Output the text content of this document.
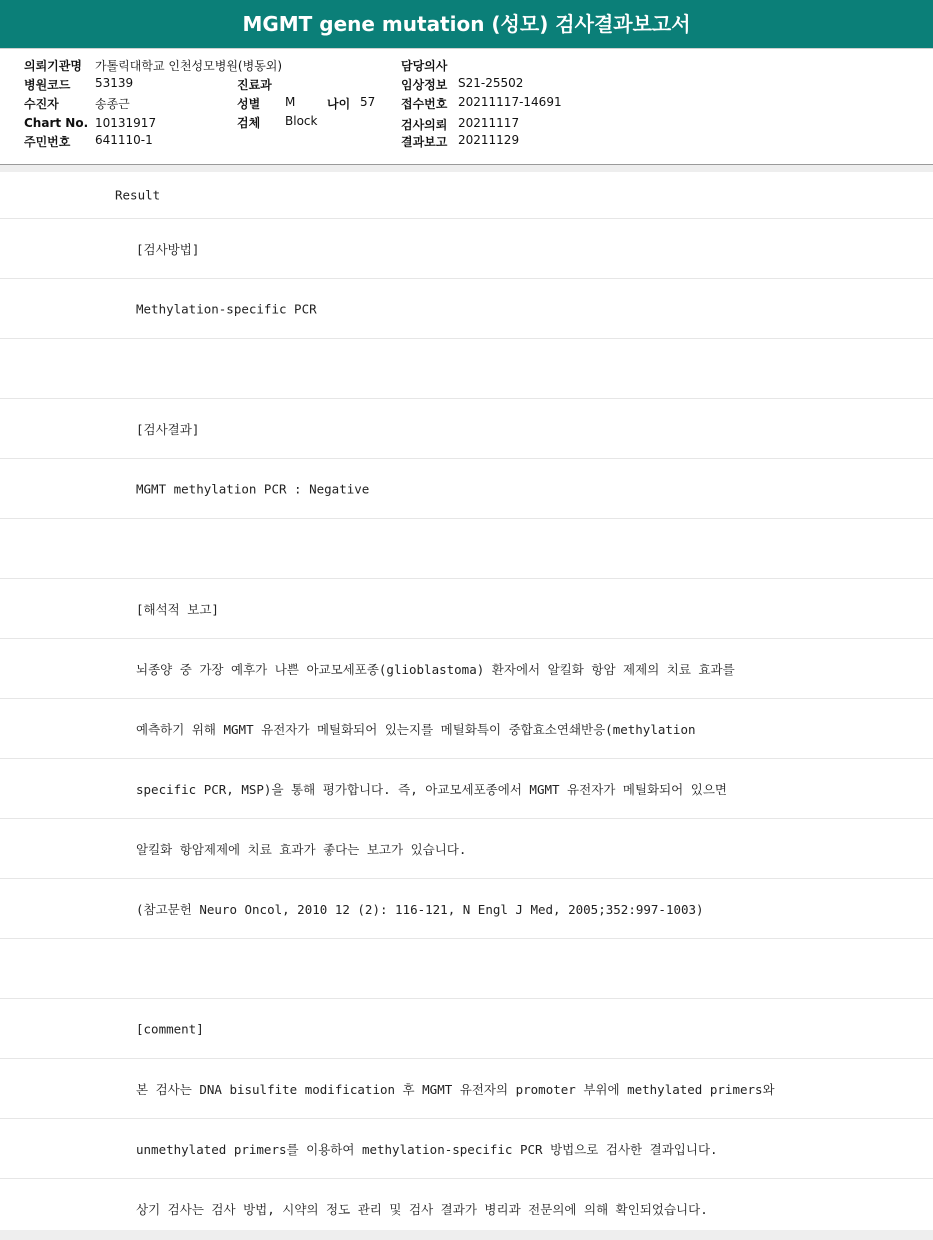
MGMT gene mutation (성모) 검사결과보고서
의뢰기관명 가톨릭대학교 인천성모병원(병동외)
병원코드 53139
수진자	송종근
Chart No. 10131917
주민번호 641110-1
진료과
성별 M	나이 57
검체 Block
담당의사
임상정보 S21-25502
접수번호 20211117-14691
검사의뢰 20211117
결과보고 20211129
Result
[검사방법]
Methylation-specific PCR
[검사결과]
MGMT methylation PCR : Negative
[해석적 보고]
뇌종양 중 가장 예후가 나쁜 아교모세포종(glioblastoma) 환자에서 알킬화 항암 제제의 치료 효과를
예측하기 위해 MGMT 유전자가 메틸화되어 있는지를 메틸화특이 중합효소연쇄반응(methylation
specific PCR, MSP)을 통해 평가합니다. 즉, 아교모세포종에서 MGMT 유전자가 메틸화되어 있으면
알킬화 항암제제에 치료 효과가 좋다는 보고가 있습니다.
(참고문헌 Neuro Oncol, 2010 12 (2): 116-121, N Engl J Med, 2005;352:997-1003)
[comment]
본 검사는 DNA bisulfite modification 후 MGMT 유전자의 promoter 부위에 methylated primers와
unmethylated primers를 이용하여 methylation-specific PCR 방법으로 검사한 결과입니다.
상기 검사는 검사 방법, 시약의 정도 관리 및 검사 결과가 병리과 전문의에 의해 확인되었습니다.
